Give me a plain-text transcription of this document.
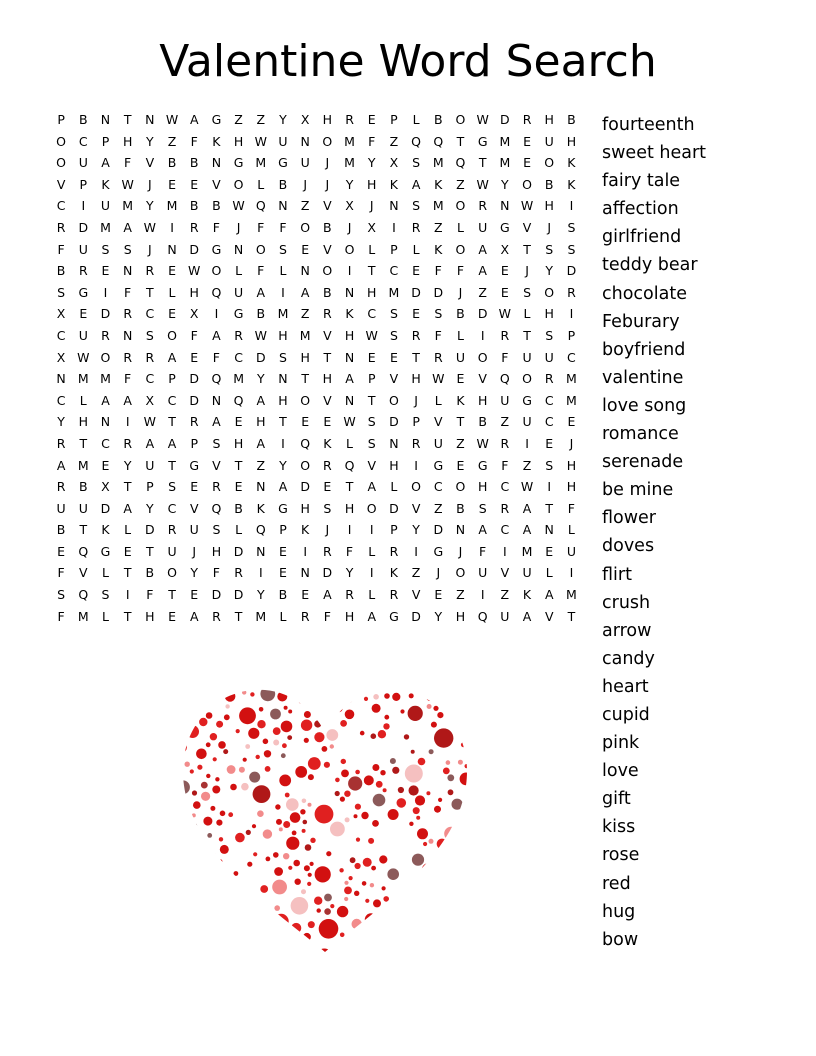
Valentine Word Search
P	B	N	T	N W A	G	Z	Z	Y	X	H	R	E	P	L	B	O W D	R	H	B
O	C	P	H	Y	Z	F	K	H W U	N	O M	F	Z	Q Q	T	G M	E	U	H
O	U	A	F	V	B	B	N	G M G	U	J	M	Y	X	S	M Q	T	M	E	O	K
V	P	K W	J	E	E	V	O	L	B	J	J	Y	H	K	A	K	Z W Y	O	B	K
C	I	U M	Y	M	B	B W Q	N	Z	V	X	J	N	S	M O	R	N W H	I
R	D M	A W	I	R	F	J	F	F	O	B	J	X	I	R	Z	L	U	G	V	J	S
F	U	S	S	J	N	D	G	N	O	S	E	V	O	L	P	L	K	O	A	X	T	S	S
B	R	E	N	R	E W O	L	F	L	N	O	I	T	C	E	F	F	A	E	J	Y	D
S	G	I	F	T	L	H	Q	U	A	I	A	B	N	H M D	D	J	Z	E	S	O	R
X	E	D	R	C	E	X	I	G	B	M	Z	R	K	C	S	E	S	B	D W	L	H	I
C	U	R	N	S	O	F	A	R W H M	V	H W S	R	F	L	I	R	T	S	P
X W O	R	R	A	E	F	C	D	S	H	T	N	E	E	T	R	U	O	F	U	U	C
N M M	F	C	P	D Q M	Y	N	T	H	A	P	V	H W E	V	Q O	R M
C	L	A	A	X	C	D	N	Q	A	H	O	V	N	T	O	J	L	K	H	U	G	C M
Y	H	N	I	W T	R	A	E	H	T	E	E W S	D	P	V	T	B	Z	U	C	E
R	T	C	R	A	A	P	S	H	A	I	Q	K	L	S	N	R	U	Z W R	I	E	J
A	M	E	Y	U	T	G	V	T	Z	Y	O	R	Q	V	H	I	G	E	G	F	Z	S	H
R	B	X	T	P	S	E	R	E	N	A	D	E	T	A	L	O	C	O	H	C W	I	H
U	U	D	A	Y	C	V	Q	B	K	G	H	S	H	O D	V	Z	B	S	R	A	T	F
B	T	K	L	D	R	U	S	L	Q	P	K	J	I	I	P	Y	D	N	A	C	A	N	L
E	Q G	E	T	U	J	H	D	N	E	I	R	F	L	R	I	G	J	F	I	M	E	U
F	V	L	T	B	O	Y	F	R	I	E	N	D	Y	I	K	Z	J	O	U	V	U	L	I
S	Q	S	I	F	T	E	D	D	Y	B	E	A	R	L	R	V	E	Z	I	Z	K	A	M
F	M	L	T	H	E	A	R	T	M	L	R	F	H	A	G	D	Y	H	Q	U	A	V	T
fourteenth
sweet heart
fairy tale
affection
girlfriend
teddy bear
chocolate
Feburary
boyfriend
valentine
love song
romance
serenade
be mine
flower
doves
flirt
crush
arrow
candy
heart
cupid
pink
love
gift
kiss
rose
red
hug
bow
